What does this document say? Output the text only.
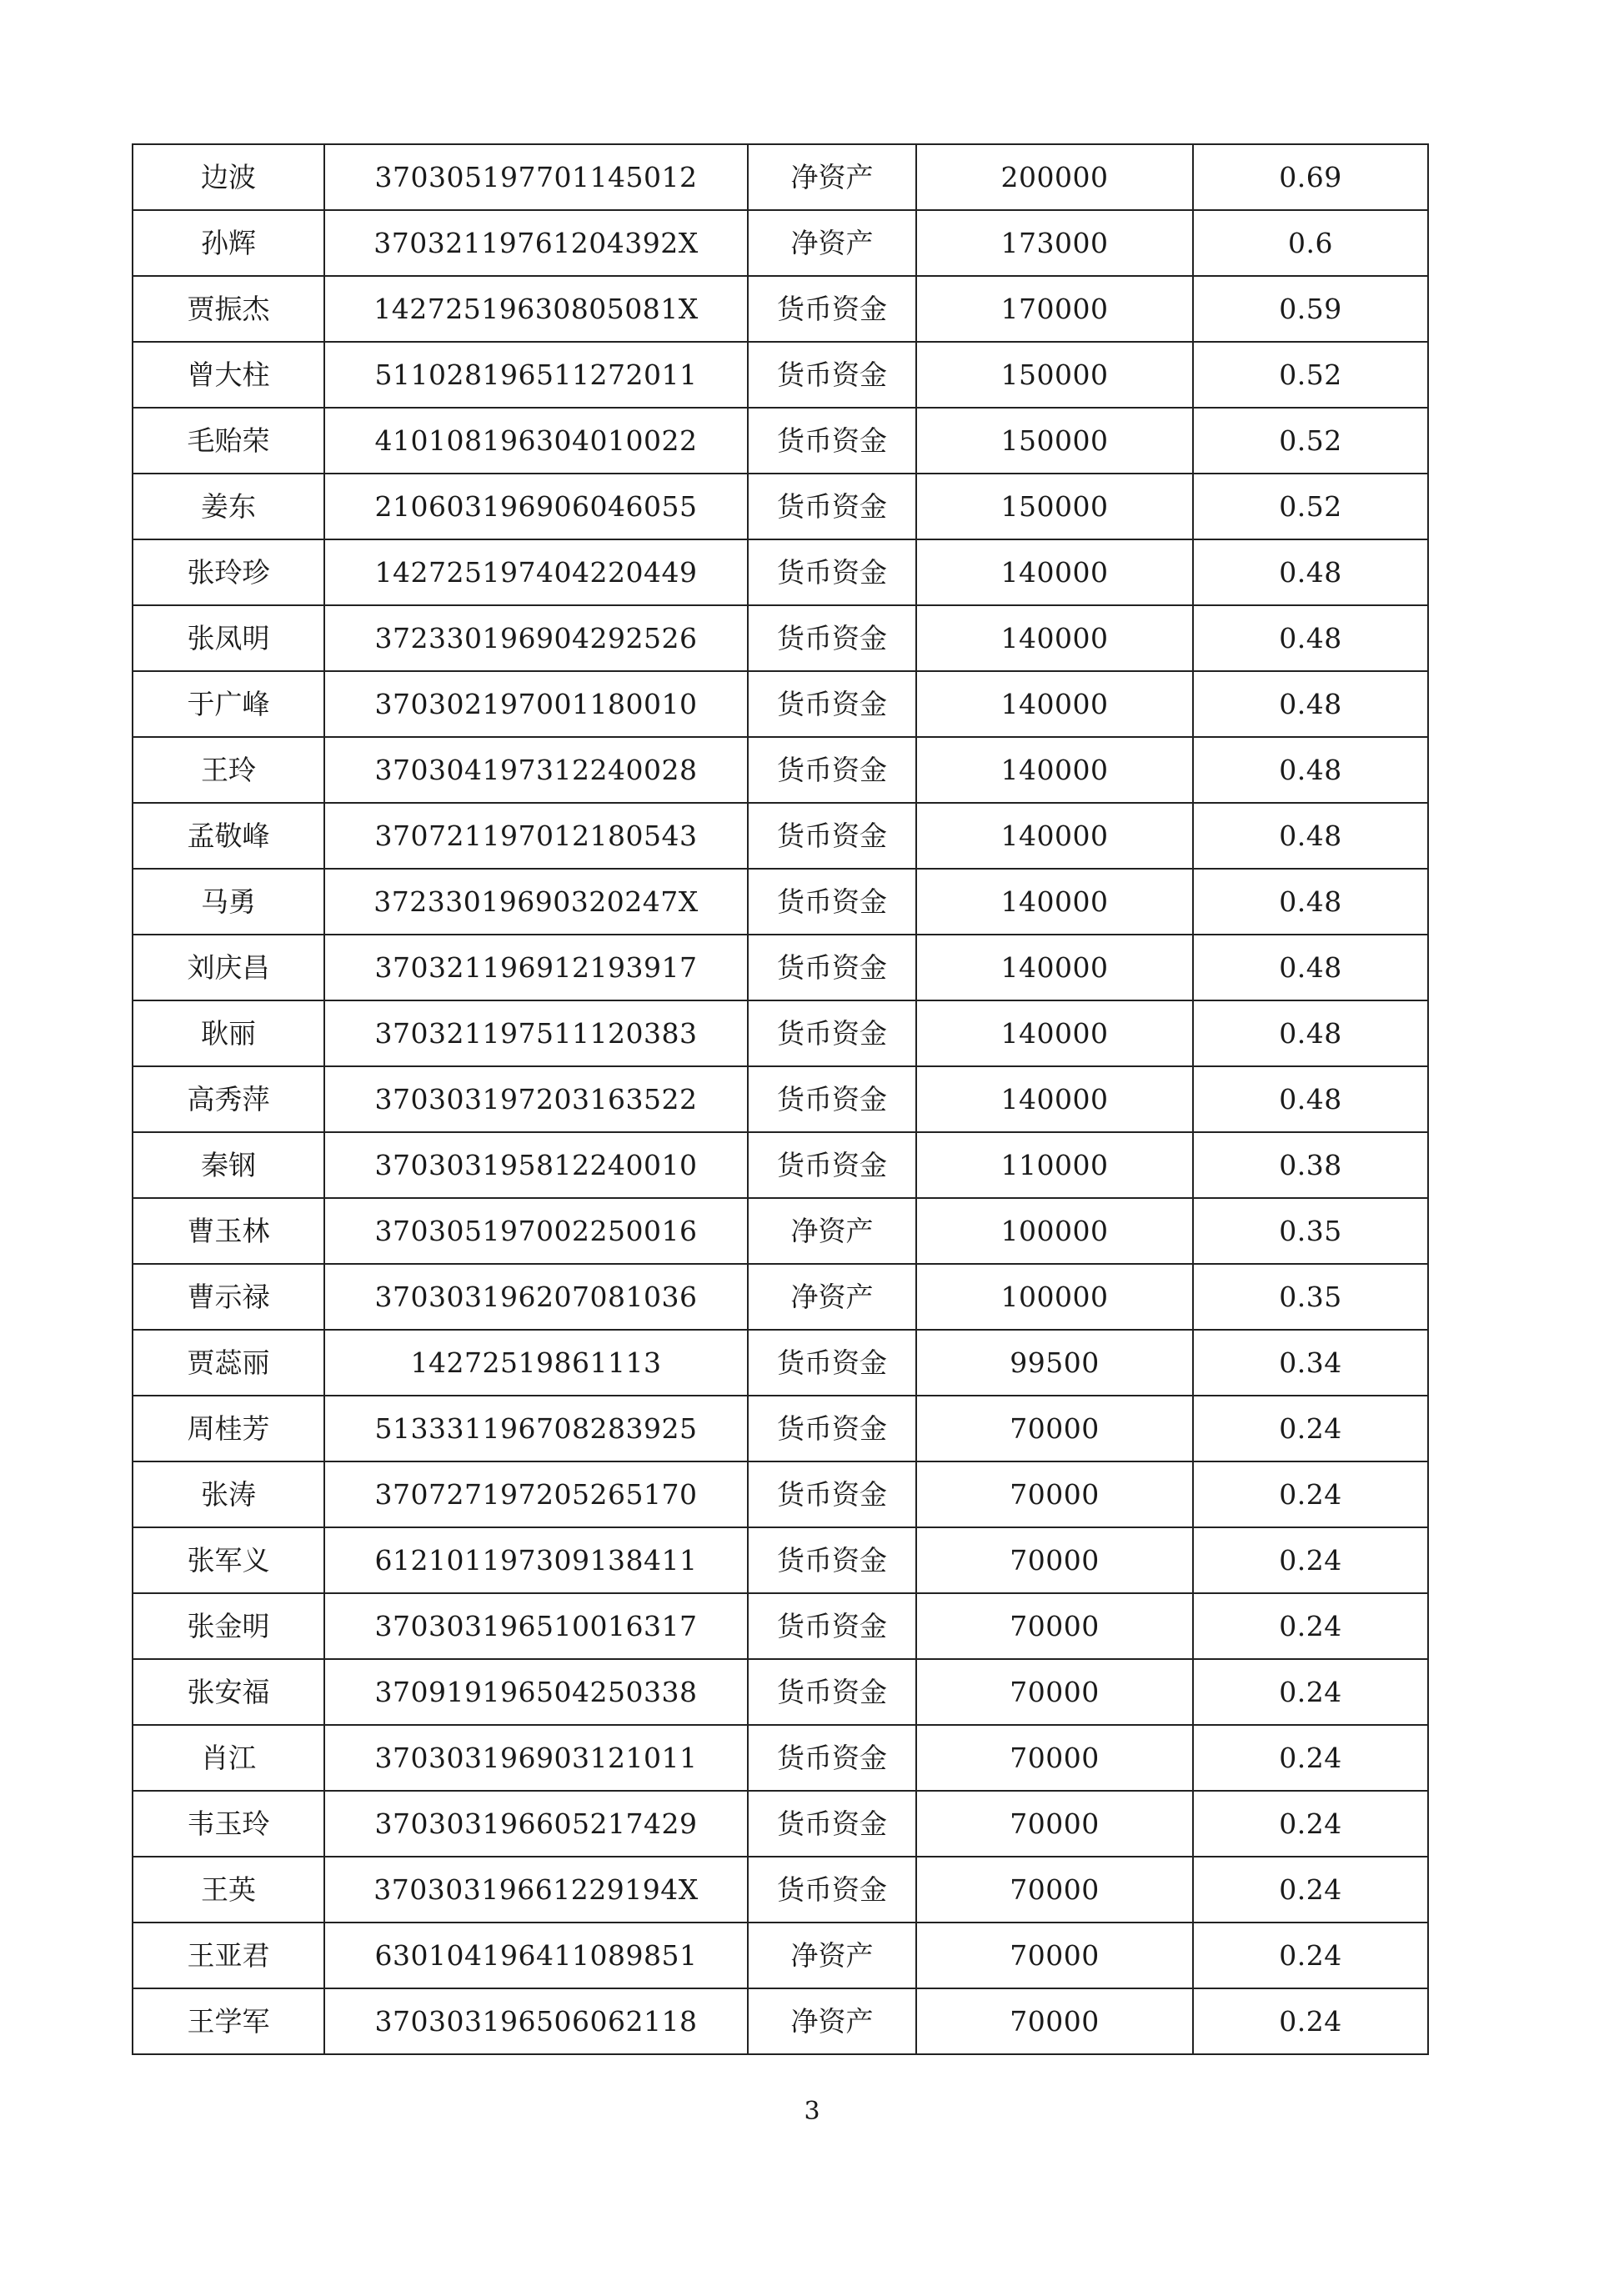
边波	370305197701145012	净资产	200000	0.69
孙辉	37032119761204392X	净资产	173000	0.6
贾振杰	14272519630805081X	货币资金	170000	0.59
曾大柱	511028196511272011	货币资金	150000	0.52
毛贻荣	410108196304010022	货币资金	150000	0.52
姜东	210603196906046055	货币资金	150000	0.52
张玲珍	142725197404220449	货币资金	140000	0.48
张凤明	372330196904292526	货币资金	140000	0.48
于广峰	370302197001180010	货币资金	140000	0.48
王玲	370304197312240028	货币资金	140000	0.48
孟敬峰	370721197012180543	货币资金	140000	0.48
马勇	37233019690320247X	货币资金	140000	0.48
刘庆昌	370321196912193917	货币资金	140000	0.48
耿丽	370321197511120383	货币资金	140000	0.48
高秀萍	370303197203163522	货币资金	140000	0.48
秦钢	370303195812240010	货币资金	110000	0.38
曹玉林	370305197002250016	净资产	100000	0.35
曹示禄	370303196207081036	净资产	100000	0.35
贾蕊丽	14272519861113	货币资金	99500	0.34
周桂芳	513331196708283925	货币资金	70000	0.24
张涛	370727197205265170	货币资金	70000	0.24
张军义	612101197309138411	货币资金	70000	0.24
张金明	370303196510016317	货币资金	70000	0.24
张安福	370919196504250338	货币资金	70000	0.24
肖江	370303196903121011	货币资金	70000	0.24
韦玉玲	370303196605217429	货币资金	70000	0.24
王英	37030319661229194X	货币资金	70000	0.24
王亚君	630104196411089851	净资产	70000	0.24
王学军	370303196506062118	净资产	70000	0.24
3
